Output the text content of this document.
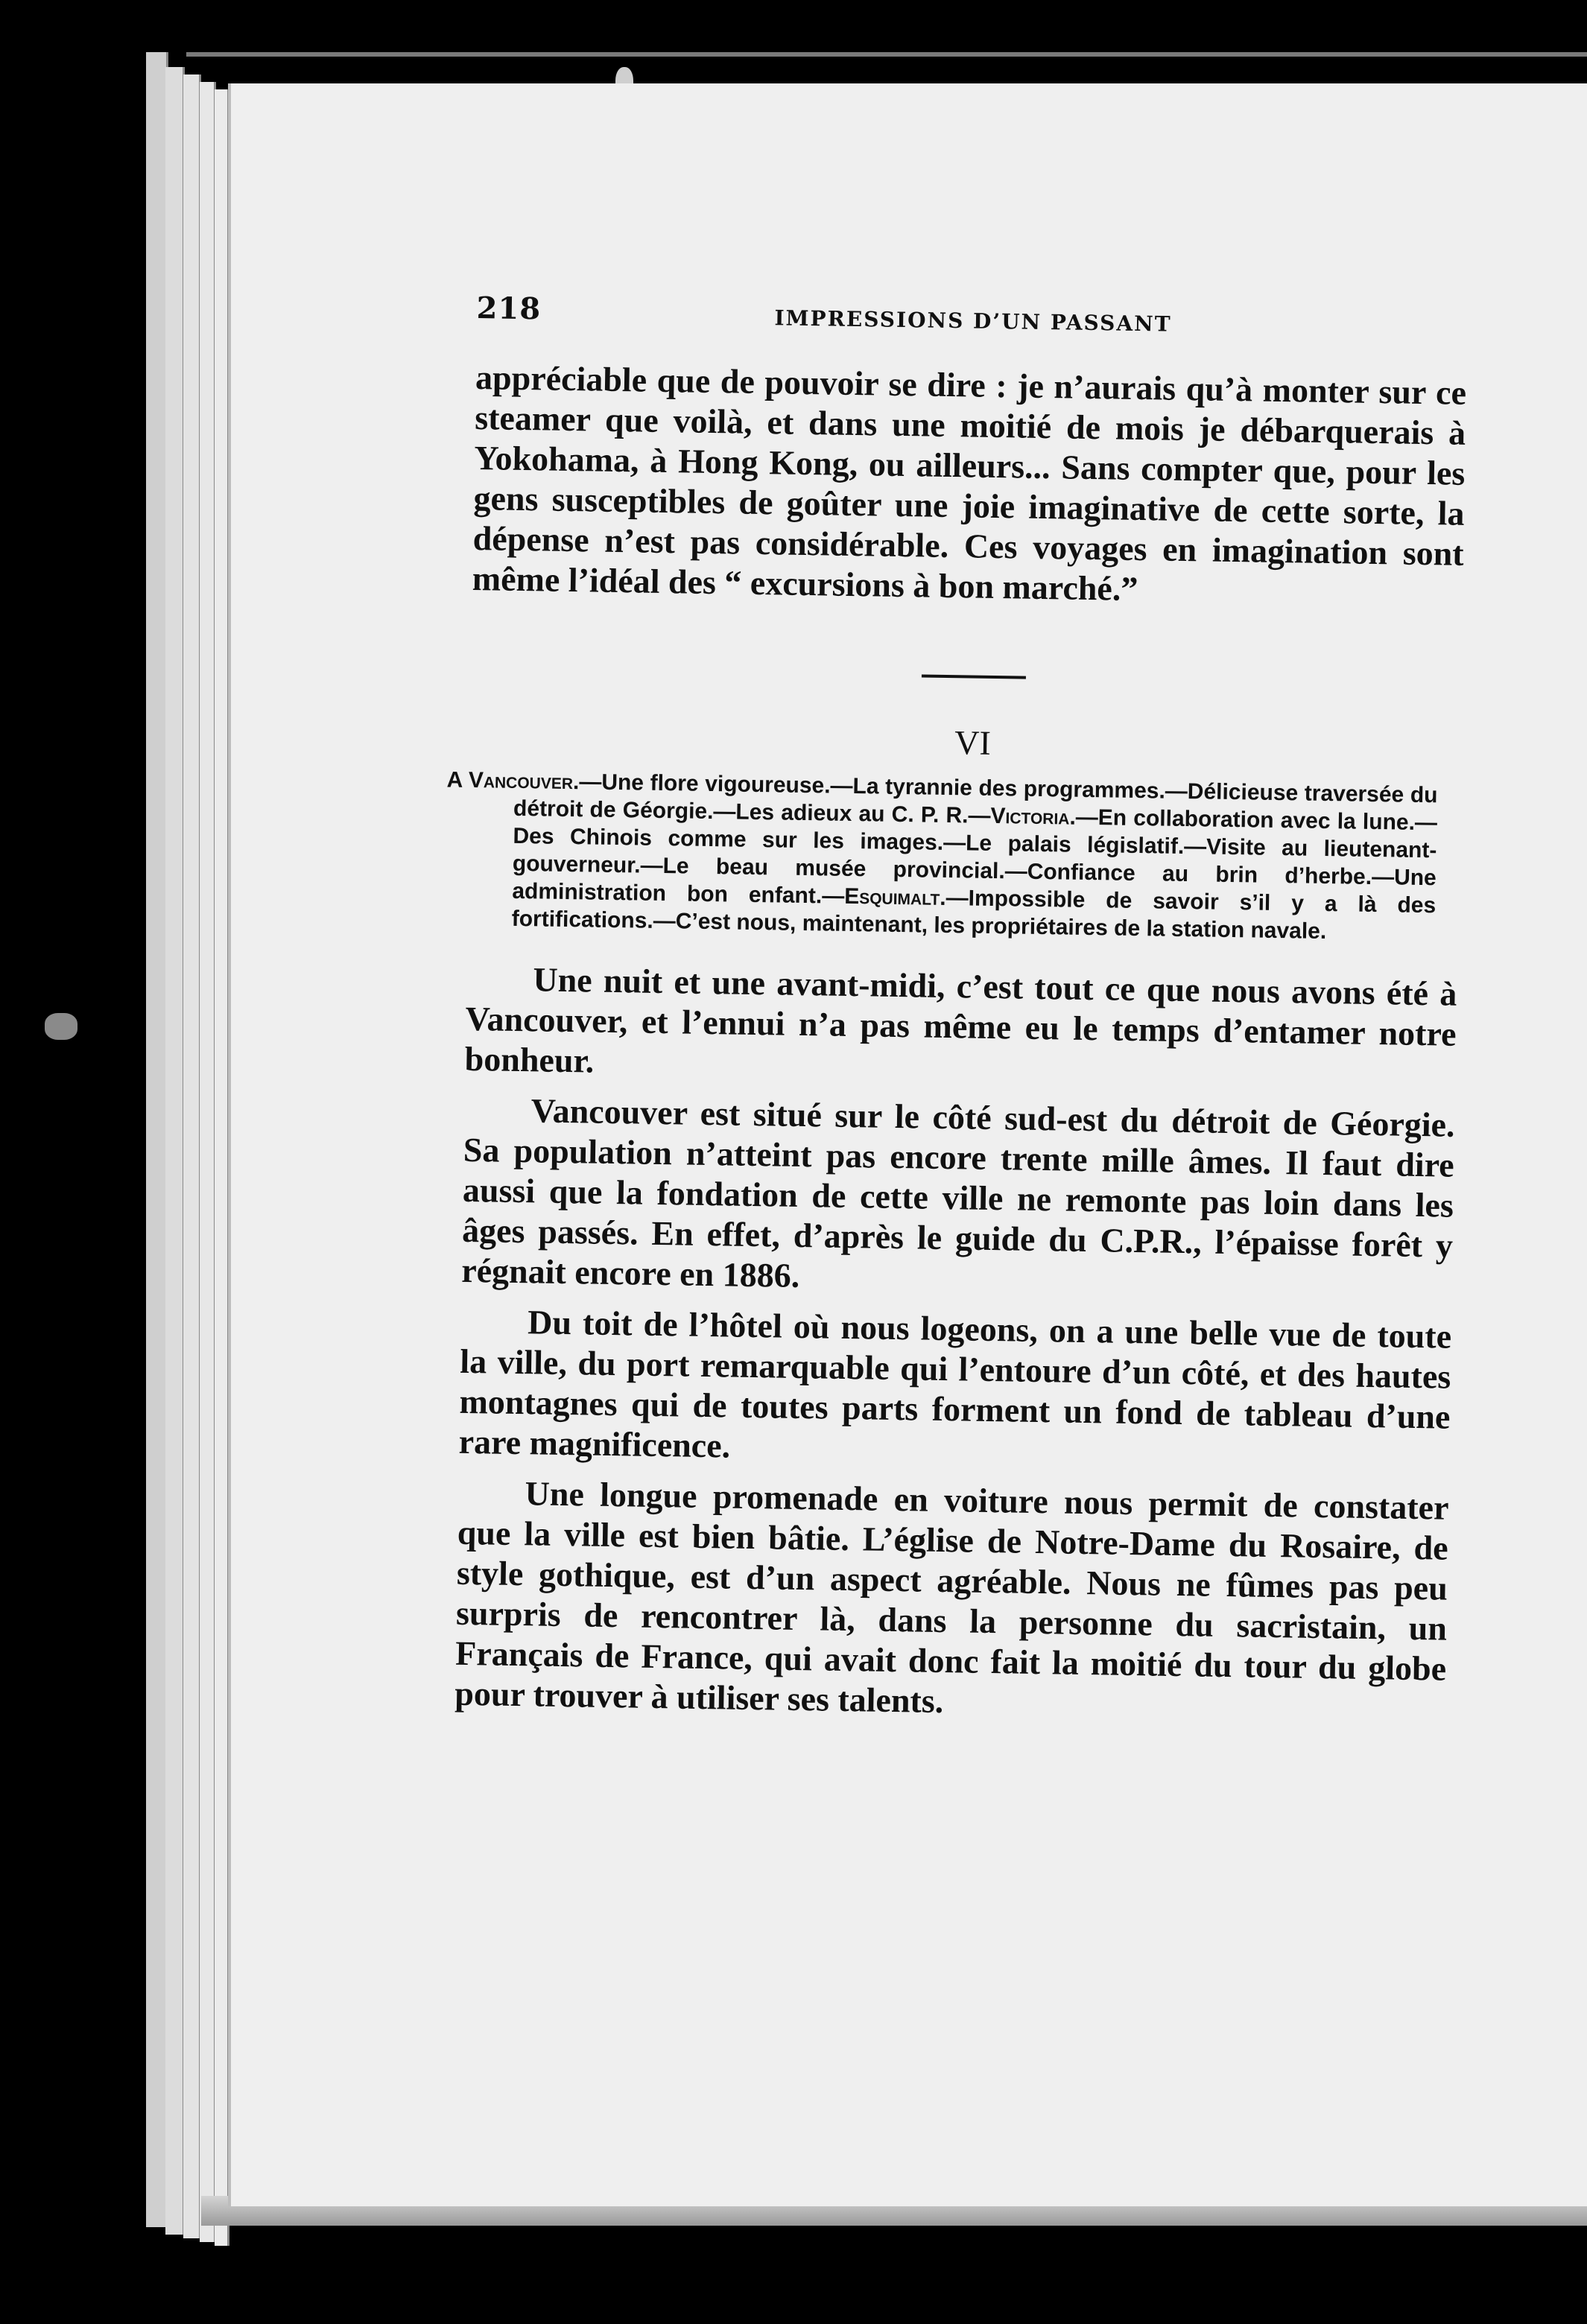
218	IMPRESSIONS D’UN PASSANT

appréciable que de pouvoir se dire : je n’aurais qu’à monter sur ce steamer que voilà, et dans une moitié de mois je débarquerais à Yokohama, à Hong Kong, ou ailleurs... Sans compter que, pour les gens susceptibles de goûter une joie imaginative de cette sorte, la dépense n’est pas considérable. Ces voyages en imagination sont même l’idéal des “ excursions à bon marché.”

VI

A Vancouver.—Une flore vigoureuse.—La tyrannie des programmes.—Délicieuse traversée du détroit de Géorgie.—Les adieux au C. P. R.—Victoria.—En collaboration avec la lune.—Des Chinois comme sur les images.—Le palais législatif.—Visite au lieutenant-gouverneur.—Le beau musée provincial.—Confiance au brin d’herbe.—Une administration bon enfant.—Esquimalt.—Impossible de savoir s’il y a là des fortifications.—C’est nous, maintenant, les propriétaires de la station navale.

Une nuit et une avant-midi, c’est tout ce que nous avons été à Vancouver, et l’ennui n’a pas même eu le temps d’entamer notre bonheur.

Vancouver est situé sur le côté sud-est du détroit de Géorgie. Sa population n’atteint pas encore trente mille âmes. Il faut dire aussi que la fondation de cette ville ne remonte pas loin dans les âges passés. En effet, d’après le guide du C.P.R., l’épaisse forêt y régnait encore en 1886.

Du toit de l’hôtel où nous logeons, on a une belle vue de toute la ville, du port remarquable qui l’entoure d’un côté, et des hautes montagnes qui de toutes parts forment un fond de tableau d’une rare magnificence.

Une longue promenade en voiture nous permit de constater que la ville est bien bâtie. L’église de Notre-Dame du Rosaire, de style gothique, est d’un aspect agréable. Nous ne fûmes pas peu surpris de rencontrer là, dans la personne du sacristain, un Français de France, qui avait donc fait la moitié du tour du globe pour trouver à utiliser ses talents.
